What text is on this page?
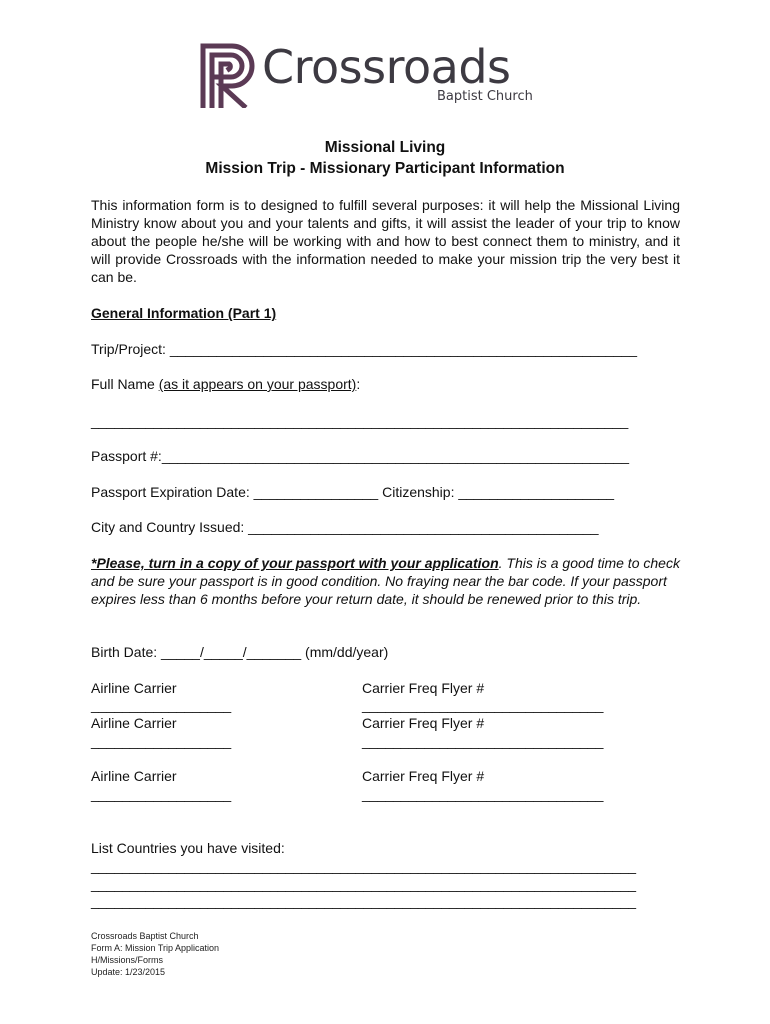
Crossroads
Baptist Church
Missional Living
Mission Trip - Missionary Participant Information
This information form is to designed to fulfill several purposes: it will help the Missional Living Ministry know about you and your talents and gifts, it will assist the leader of your trip to know about the people he/she will be working with and how to best connect them to ministry, and it will provide Crossroads with the information needed to make your mission trip the very best it can be.
General Information (Part 1)
Trip/Project: ____________________________________________________________
Full Name (as it appears on your passport):
_____________________________________________________________________
Passport #:____________________________________________________________
Passport Expiration Date: ________________ Citizenship: ____________________
City and Country Issued: _____________________________________________
*Please, turn in a copy of your passport with your application. This is a good time to check and be sure your passport is in good condition. No fraying near the bar code. If your passport expires less than 6 months before your return date, it should be renewed prior to this trip.
Birth Date: _____/_____/_______ (mm/dd/year)
Airline Carrier	Carrier Freq Flyer #
__________________	_______________________________
Airline Carrier	Carrier Freq Flyer #
__________________	_______________________________
Airline Carrier	Carrier Freq Flyer #
__________________	_______________________________
List Countries you have visited:
______________________________________________________________________
______________________________________________________________________
______________________________________________________________________
Crossroads Baptist Church
Form A: Mission Trip Application
H/Missions/Forms
Update: 1/23/2015
